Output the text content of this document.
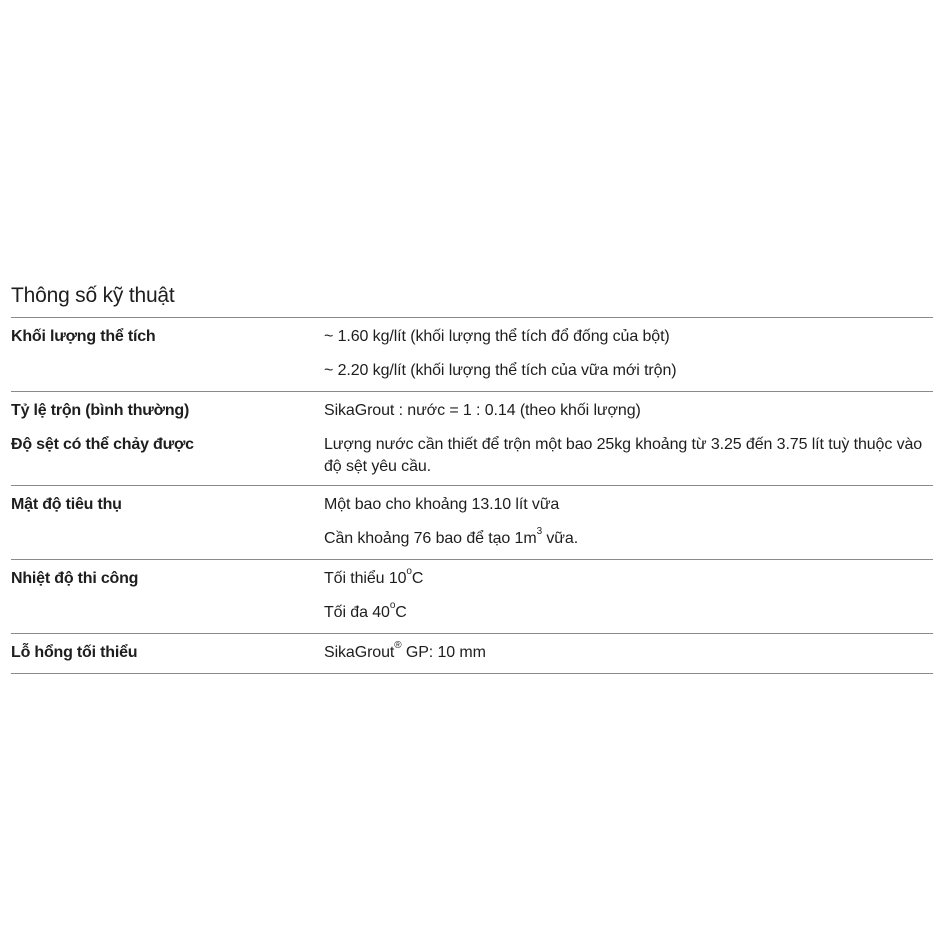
Thông số kỹ thuật
Khối lượng thể tích	~ 1.60 kg/lít (khối lượng thể tích đổ đống của bột)
~ 2.20 kg/lít (khối lượng thể tích của vữa mới trộn)
Tỷ lệ trộn (bình thường)	SikaGrout : nước = 1 : 0.14 (theo khối lượng)
Độ sệt có thể chảy được	Lượng nước cần thiết để trộn một bao 25kg khoảng từ 3.25 đến 3.75 lít tuỳ thuộc vào độ sệt yêu cầu.
Mật độ tiêu thụ	Một bao cho khoảng 13.10 lít vữa
Cần khoảng 76 bao để tạo $1m^3$ vữa.
Nhiệt độ thi công	Tối thiểu 10$^o$C
Tối đa 40$^o$C
Lỗ hổng tối thiểu	SikaGrout® GP: 10 mm
